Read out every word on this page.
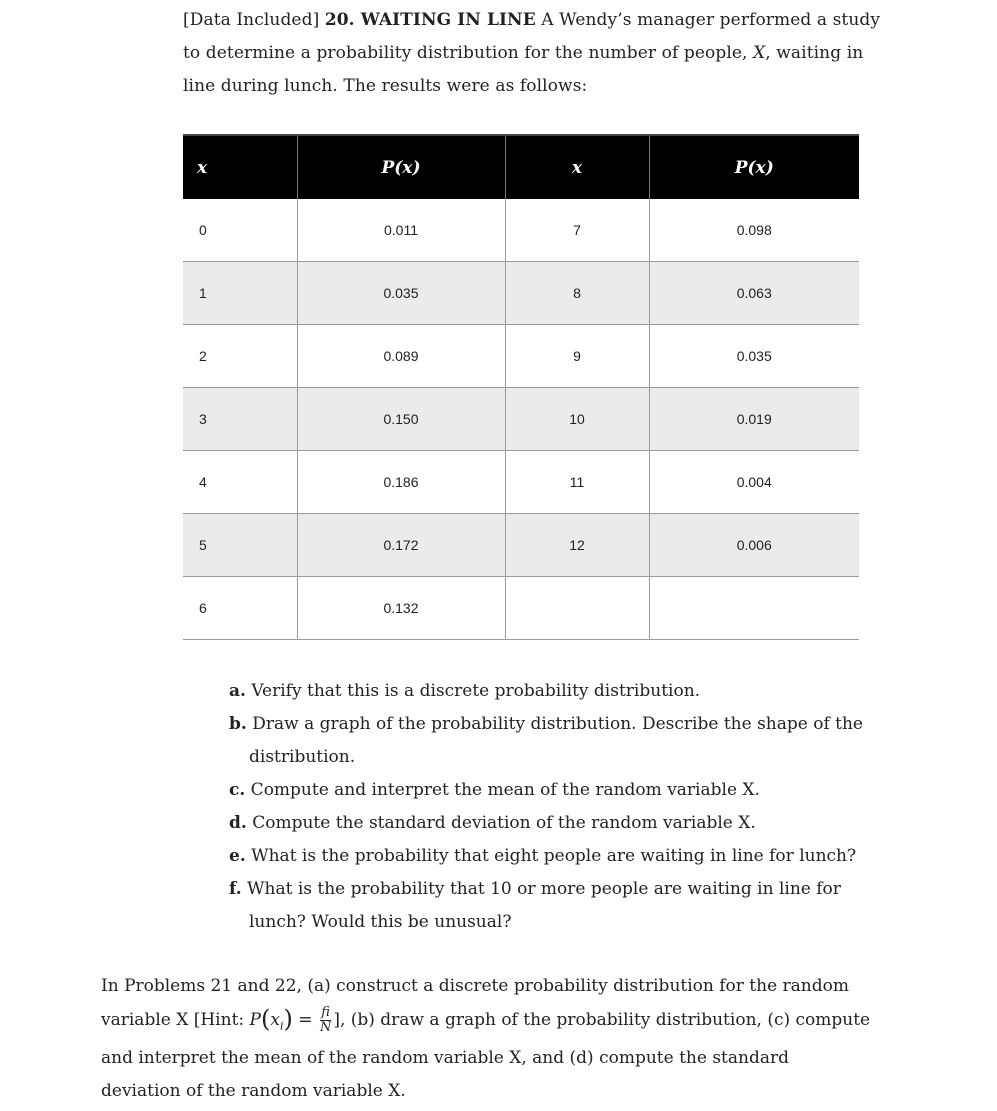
[Data Included] 20. WAITING IN LINE A Wendy’s manager performed a study to determine a probability distribution for the number of people, X, waiting in line during lunch. The results were as follows:
x	P(x)	x	P(x)
0	0.011	7	0.098
1	0.035	8	0.063
2	0.089	9	0.035
3	0.150	10	0.019
4	0.186	11	0.004
5	0.172	12	0.006
6	0.132		
a. Verify that this is a discrete probability distribution.
b. Draw a graph of the probability distribution. Describe the shape of the distribution.
c. Compute and interpret the mean of the random variable X.
d. Compute the standard deviation of the random variable X.
e. What is the probability that eight people are waiting in line for lunch?
f. What is the probability that 10 or more people are waiting in line for lunch? Would this be unusual?
In Problems 21 and 22, (a) construct a discrete probability distribution for the random variable X [Hint: $P(x_i) = \frac{fi}{N}$ ], (b) draw a graph of the probability distribution, (c) compute and interpret the mean of the random variable X, and (d) compute the standard deviation of the random variable X.
